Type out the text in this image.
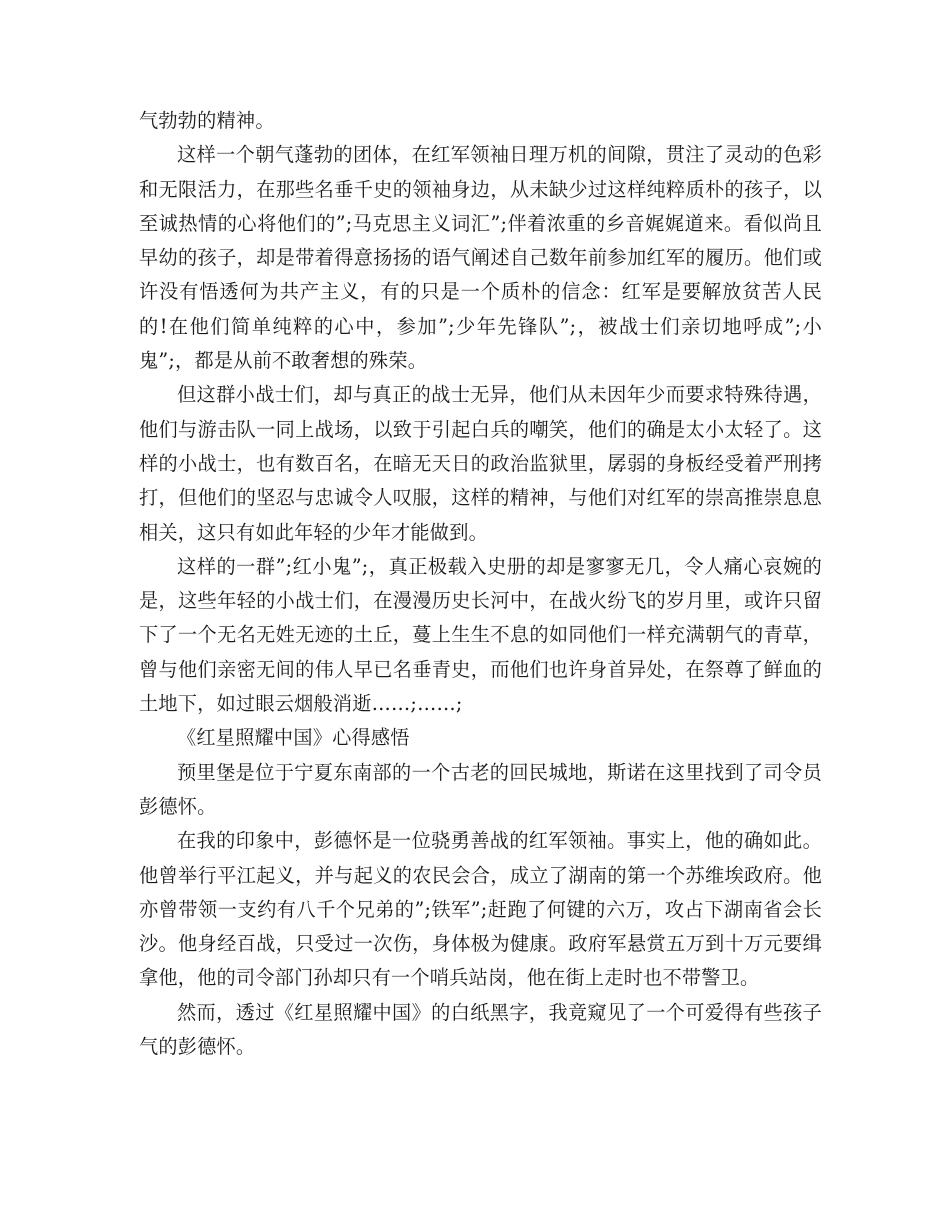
气勃勃的精神。

这样一个朝气蓬勃的团体，在红军领袖日理万机的间隙，贯注了灵动的色彩和无限活力，在那些名垂千史的领袖身边，从未缺少过这样纯粹质朴的孩子，以至诚热情的心将他们的”;马克思主义词汇”;伴着浓重的乡音娓娓道来。看似尚且早幼的孩子，却是带着得意扬扬的语气阐述自己数年前参加红军的履历。他们或许没有悟透何为共产主义，有的只是一个质朴的信念：红军是要解放贫苦人民的!在他们简单纯粹的心中，参加”;少年先锋队”;，被战士们亲切地呼成”;小鬼”;，都是从前不敢奢想的殊荣。

但这群小战士们，却与真正的战士无异，他们从未因年少而要求特殊待遇，他们与游击队一同上战场，以致于引起白兵的嘲笑，他们的确是太小太轻了。这样的小战士，也有数百名，在暗无天日的政治监狱里，孱弱的身板经受着严刑拷打，但他们的坚忍与忠诚令人叹服，这样的精神，与他们对红军的崇高推崇息息相关，这只有如此年轻的少年才能做到。

这样的一群”;红小鬼”;，真正极载入史册的却是寥寥无几，令人痛心哀婉的是，这些年轻的小战士们，在漫漫历史长河中，在战火纷飞的岁月里，或许只留下了一个无名无姓无迹的土丘，蔓上生生不息的如同他们一样充满朝气的青草，曾与他们亲密无间的伟人早已名垂青史，而他们也许身首异处，在祭尊了鲜血的土地下，如过眼云烟般消逝……;……;

《红星照耀中国》心得感悟

预里堡是位于宁夏东南部的一个古老的回民城地，斯诺在这里找到了司令员彭德怀。

在我的印象中，彭德怀是一位骁勇善战的红军领袖。事实上，他的确如此。他曾举行平江起义，并与起义的农民会合，成立了湖南的第一个苏维埃政府。他亦曾带领一支约有八千个兄弟的”;铁军”;赶跑了何键的六万，攻占下湖南省会长沙。他身经百战，只受过一次伤，身体极为健康。政府军悬赏五万到十万元要缉拿他，他的司令部门孙却只有一个哨兵站岗，他在街上走时也不带警卫。

然而，透过《红星照耀中国》的白纸黑字，我竟窥见了一个可爱得有些孩子气的彭德怀。
